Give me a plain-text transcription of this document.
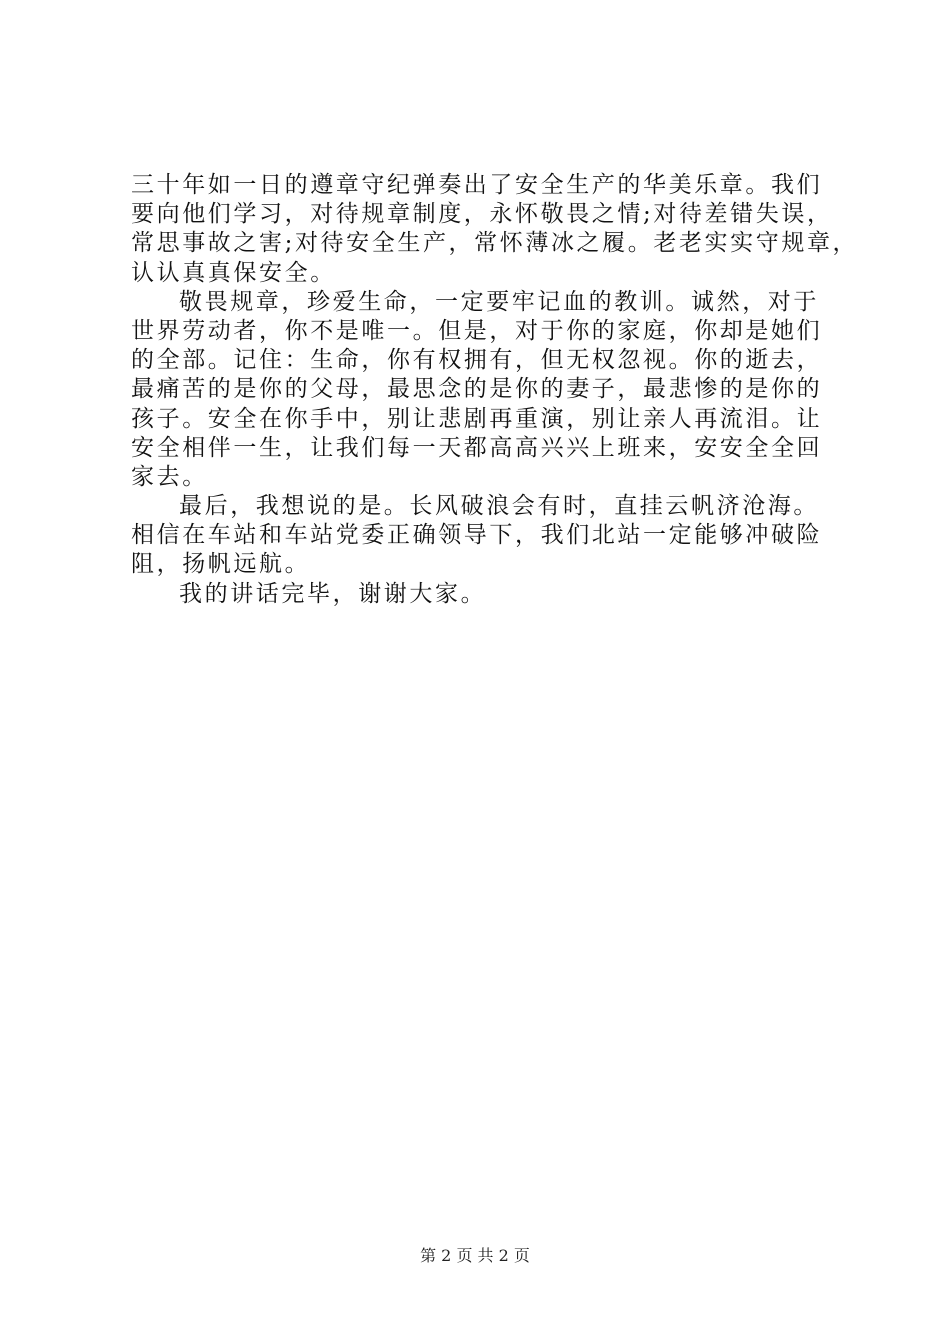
三十年如一日的遵章守纪弹奏出了安全生产的华美乐章。我们
要向他们学习，对待规章制度，永怀敬畏之情;对待差错失误，
常思事故之害;对待安全生产，常怀薄冰之履。老老实实守规章，
认认真真保安全。
敬畏规章，珍爱生命，一定要牢记血的教训。诚然，对于
世界劳动者，你不是唯一。但是，对于你的家庭，你却是她们
的全部。记住：生命，你有权拥有，但无权忽视。你的逝去，
最痛苦的是你的父母，最思念的是你的妻子，最悲惨的是你的
孩子。安全在你手中，别让悲剧再重演，别让亲人再流泪。让
安全相伴一生，让我们每一天都高高兴兴上班来，安安全全回
家去。
最后，我想说的是。长风破浪会有时，直挂云帆济沧海。
相信在车站和车站党委正确领导下，我们北站一定能够冲破险
阻，扬帆远航。
我的讲话完毕，谢谢大家。
第 2 页 共 2 页
